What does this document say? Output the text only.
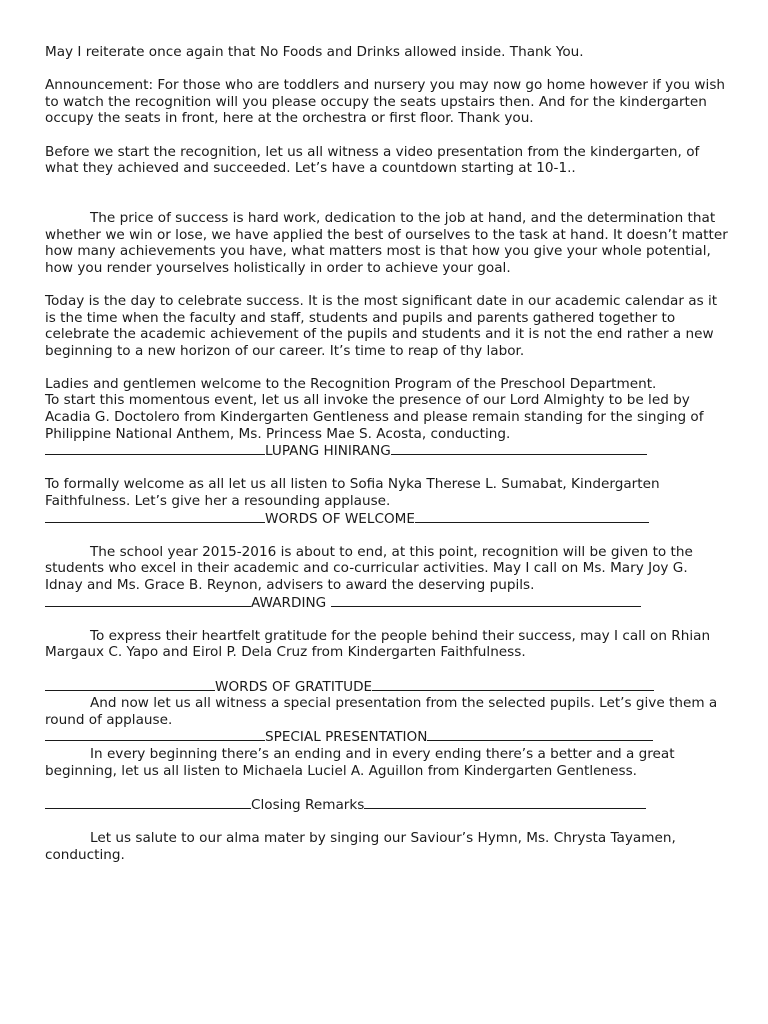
May I reiterate once again that No Foods and Drinks allowed inside. Thank You.

Announcement: For those who are toddlers and nursery you may now go home however if you wish to watch the recognition will you please occupy the seats upstairs then. And for the kindergarten occupy the seats in front, here at the orchestra or first floor. Thank you.

Before we start the recognition, let us all witness a video presentation from the kindergarten, of what they achieved and succeeded. Let’s have a countdown starting at 10-1..

The price of success is hard work, dedication to the job at hand, and the determination that whether we win or lose, we have applied the best of ourselves to the task at hand. It doesn’t matter how many achievements you have, what matters most is that how you give your whole potential, how you render yourselves holistically in order to achieve your goal.

Today is the day to celebrate success. It is the most significant date in our academic calendar as it is the time when the faculty and staff, students and pupils and parents gathered together to celebrate the academic achievement of the pupils and students and it is not the end rather a new beginning to a new horizon of our career. It’s time to reap of thy labor.

Ladies and gentlemen welcome to the Recognition Program of the Preschool Department.

To start this momentous event, let us all invoke the presence of our Lord Almighty to be led by Acadia G. Doctolero from Kindergarten Gentleness and please remain standing for the singing of Philippine National Anthem, Ms. Princess Mae S. Acosta, conducting.

LUPANG HINIRANG

To formally welcome as all let us all listen to Sofia Nyka Therese L. Sumabat, Kindergarten Faithfulness. Let’s give her a resounding applause.

WORDS OF WELCOME

The school year 2015-2016 is about to end, at this point, recognition will be given to the students who excel in their academic and co-curricular activities. May I call on Ms. Mary Joy G. Idnay and Ms. Grace B. Reynon, advisers to award the deserving pupils.

AWARDING

To express their heartfelt gratitude for the people behind their success, may I call on Rhian Margaux C. Yapo and Eirol P. Dela Cruz from Kindergarten Faithfulness.

WORDS OF GRATITUDE

And now let us all witness a special presentation from the selected pupils. Let’s give them a round of applause.

SPECIAL PRESENTATION

In every beginning there’s an ending and in every ending there’s a better and a great beginning, let us all listen to Michaela Luciel A. Aguillon from Kindergarten Gentleness.

Closing Remarks

Let us salute to our alma mater by singing our Saviour’s Hymn, Ms. Chrysta Tayamen, conducting.
